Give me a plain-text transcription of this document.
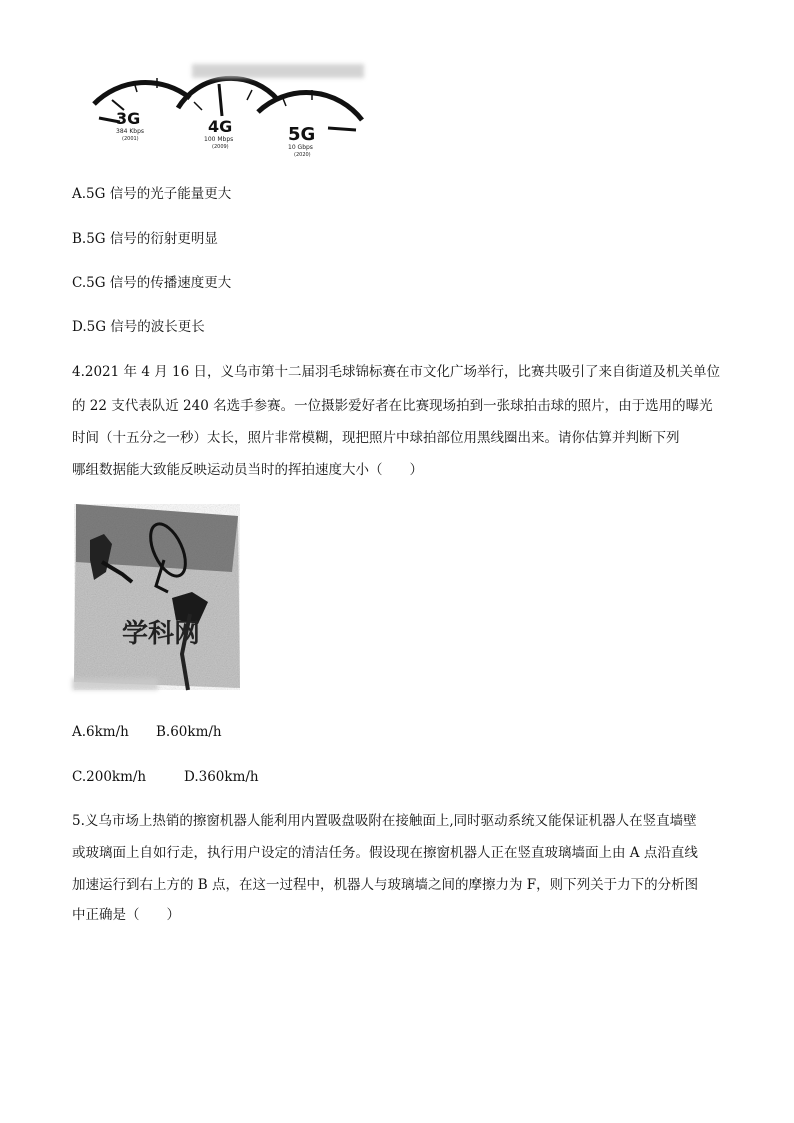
3G
384 Kbps
(2001)
4G
100 Mbps
(2009)
5G
10 Gbps
(2020)
A.5G 信号的光子能量更大
B.5G 信号的衍射更明显
C.5G 信号的传播速度更大
D.5G 信号的波长更长
4.2021 年 4 月 16 日，义乌市第十二届羽毛球锦标赛在市文化广场举行，比赛共吸引了来自街道及机关单位
的 22 支代表队近 240 名选手参赛。一位摄影爱好者在比赛现场拍到一张球拍击球的照片，由于选用的曝光
时间（十五分之一秒）太长，照片非常模糊，现把照片中球拍部位用黑线圈出来。请你估算并判断下列
哪组数据能大致能反映运动员当时的挥拍速度大小（　　）
学科网
A.6km/h B.60km/h
C.200km/h	D.360km/h
5.义乌市场上热销的擦窗机器人能利用内置吸盘吸附在接触面上,同时驱动系统又能保证机器人在竖直墙壁
或玻璃面上自如行走，执行用户设定的清洁任务。假设现在擦窗机器人正在竖直玻璃墙面上由 A 点沿直线
加速运行到右上方的 B 点，在这一过程中，机器人与玻璃墙之间的摩擦力为 F，则下列关于力下的分析图
中正确是（　　）
